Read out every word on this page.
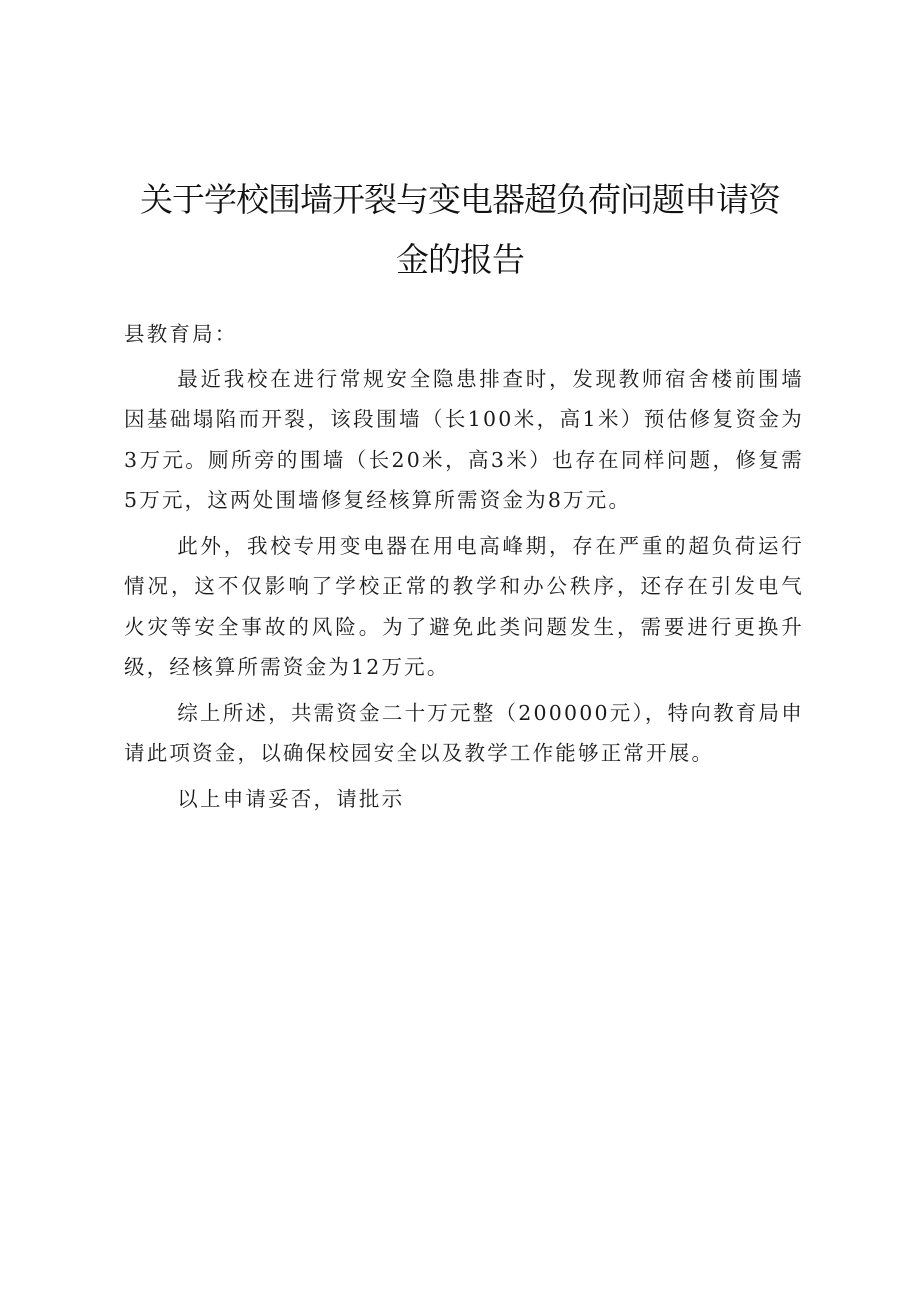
关于学校围墙开裂与变电器超负荷问题申请资
金的报告

县教育局：

最近我校在进行常规安全隐患排查时，发现教师宿舍楼前围墙因基础塌陷而开裂，该段围墙（长100米，高1米）预估修复资金为3万元。厕所旁的围墙（长20米，高3米）也存在同样问题，修复需5万元，这两处围墙修复经核算所需资金为8万元。

此外，我校专用变电器在用电高峰期，存在严重的超负荷运行情况，这不仅影响了学校正常的教学和办公秩序，还存在引发电气火灾等安全事故的风险。为了避免此类问题发生，需要进行更换升级，经核算所需资金为12万元。

综上所述，共需资金二十万元整（200000元），特向教育局申请此项资金，以确保校园安全以及教学工作能够正常开展。

以上申请妥否，请批示
